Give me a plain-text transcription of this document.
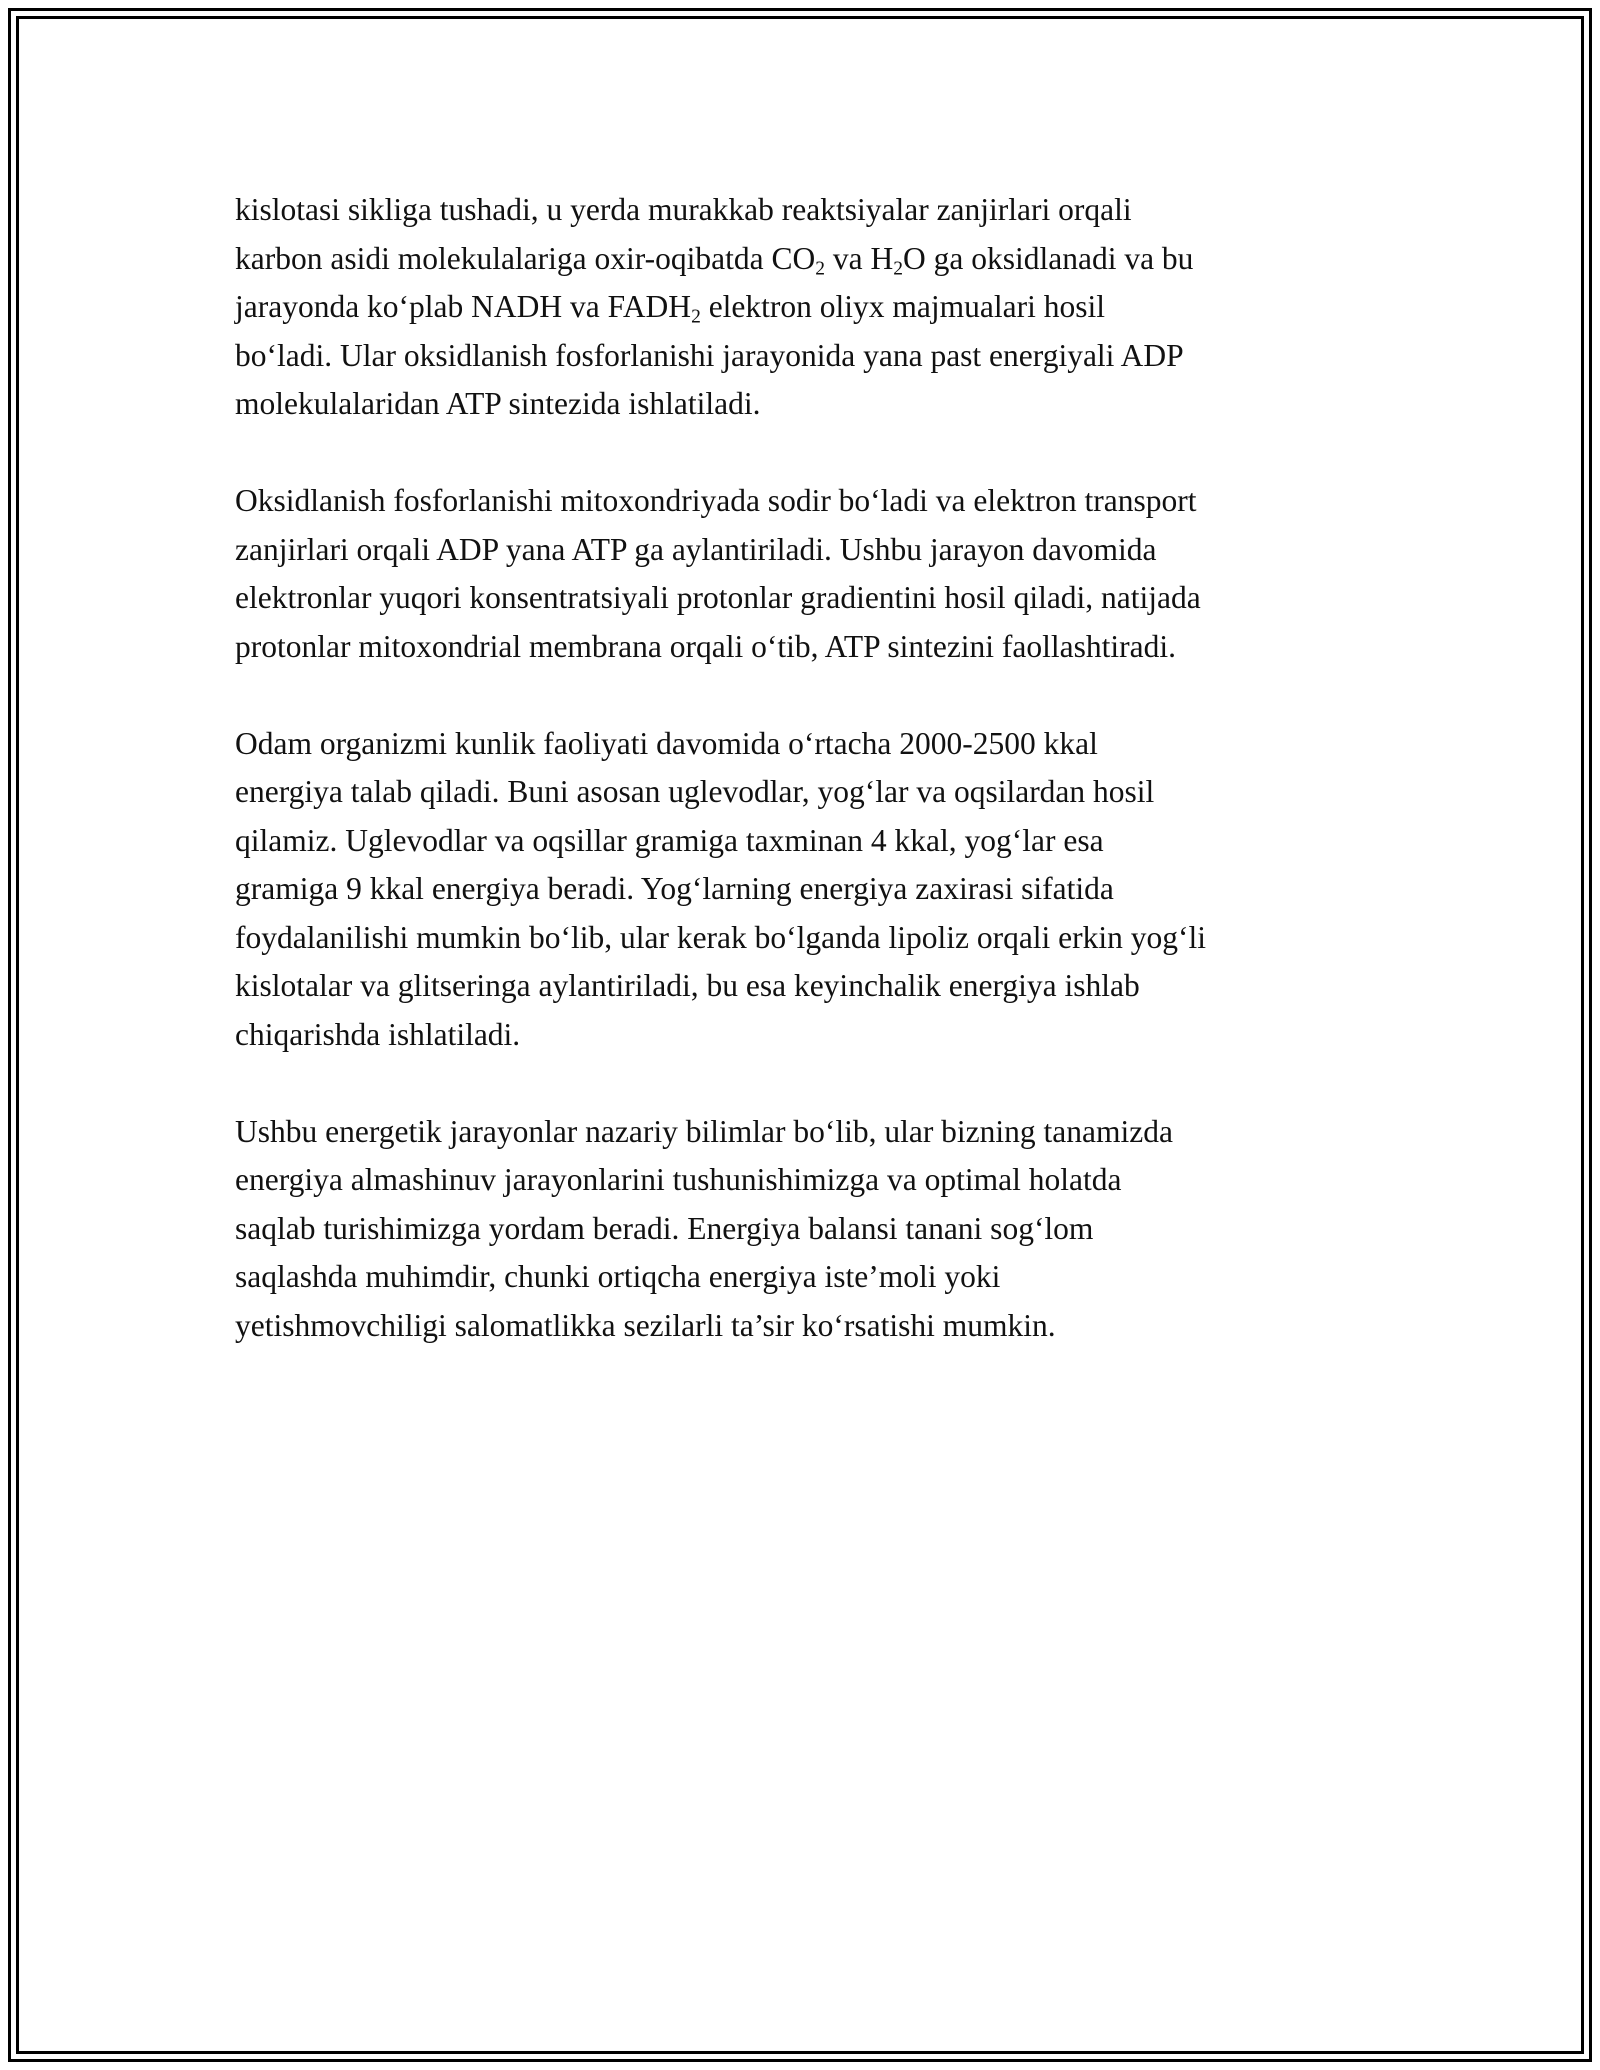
kislotasi sikliga tushadi, u yerda murakkab reaktsiyalar zanjirlari orqali
karbon asidi molekulalariga oxir-oqibatda $CO_2$ va $H_2O$ ga oksidlanadi va bu
jarayonda ko‘plab NADH va $FADH_2$ elektron oliyx majmualari hosil
bo‘ladi. Ular oksidlanish fosforlanishi jarayonida yana past energiyali ADP
molekulalaridan ATP sintezida ishlatiladi.

Oksidlanish fosforlanishi mitoxondriyada sodir bo‘ladi va elektron transport
zanjirlari orqali ADP yana ATP ga aylantiriladi. Ushbu jarayon davomida
elektronlar yuqori konsentratsiyali protonlar gradientini hosil qiladi, natijada
protonlar mitoxondrial membrana orqali o‘tib, ATP sintezini faollashtiradi.

Odam organizmi kunlik faoliyati davomida o‘rtacha 2000-2500 kkal
energiya talab qiladi. Buni asosan uglevodlar, yog‘lar va oqsilardan hosil
qilamiz. Uglevodlar va oqsillar gramiga taxminan 4 kkal, yog‘lar esa
gramiga 9 kkal energiya beradi. Yog‘larning energiya zaxirasi sifatida
foydalanilishi mumkin bo‘lib, ular kerak bo‘lganda lipoliz orqali erkin yog‘li
kislotalar va glitseringa aylantiriladi, bu esa keyinchalik energiya ishlab
chiqarishda ishlatiladi.

Ushbu energetik jarayonlar nazariy bilimlar bo‘lib, ular bizning tanamizda
energiya almashinuv jarayonlarini tushunishimizga va optimal holatda
saqlab turishimizga yordam beradi. Energiya balansi tanani sog‘lom
saqlashda muhimdir, chunki ortiqcha energiya iste’moli yoki
yetishmovchiligi salomatlikka sezilarli ta’sir ko‘rsatishi mumkin.
